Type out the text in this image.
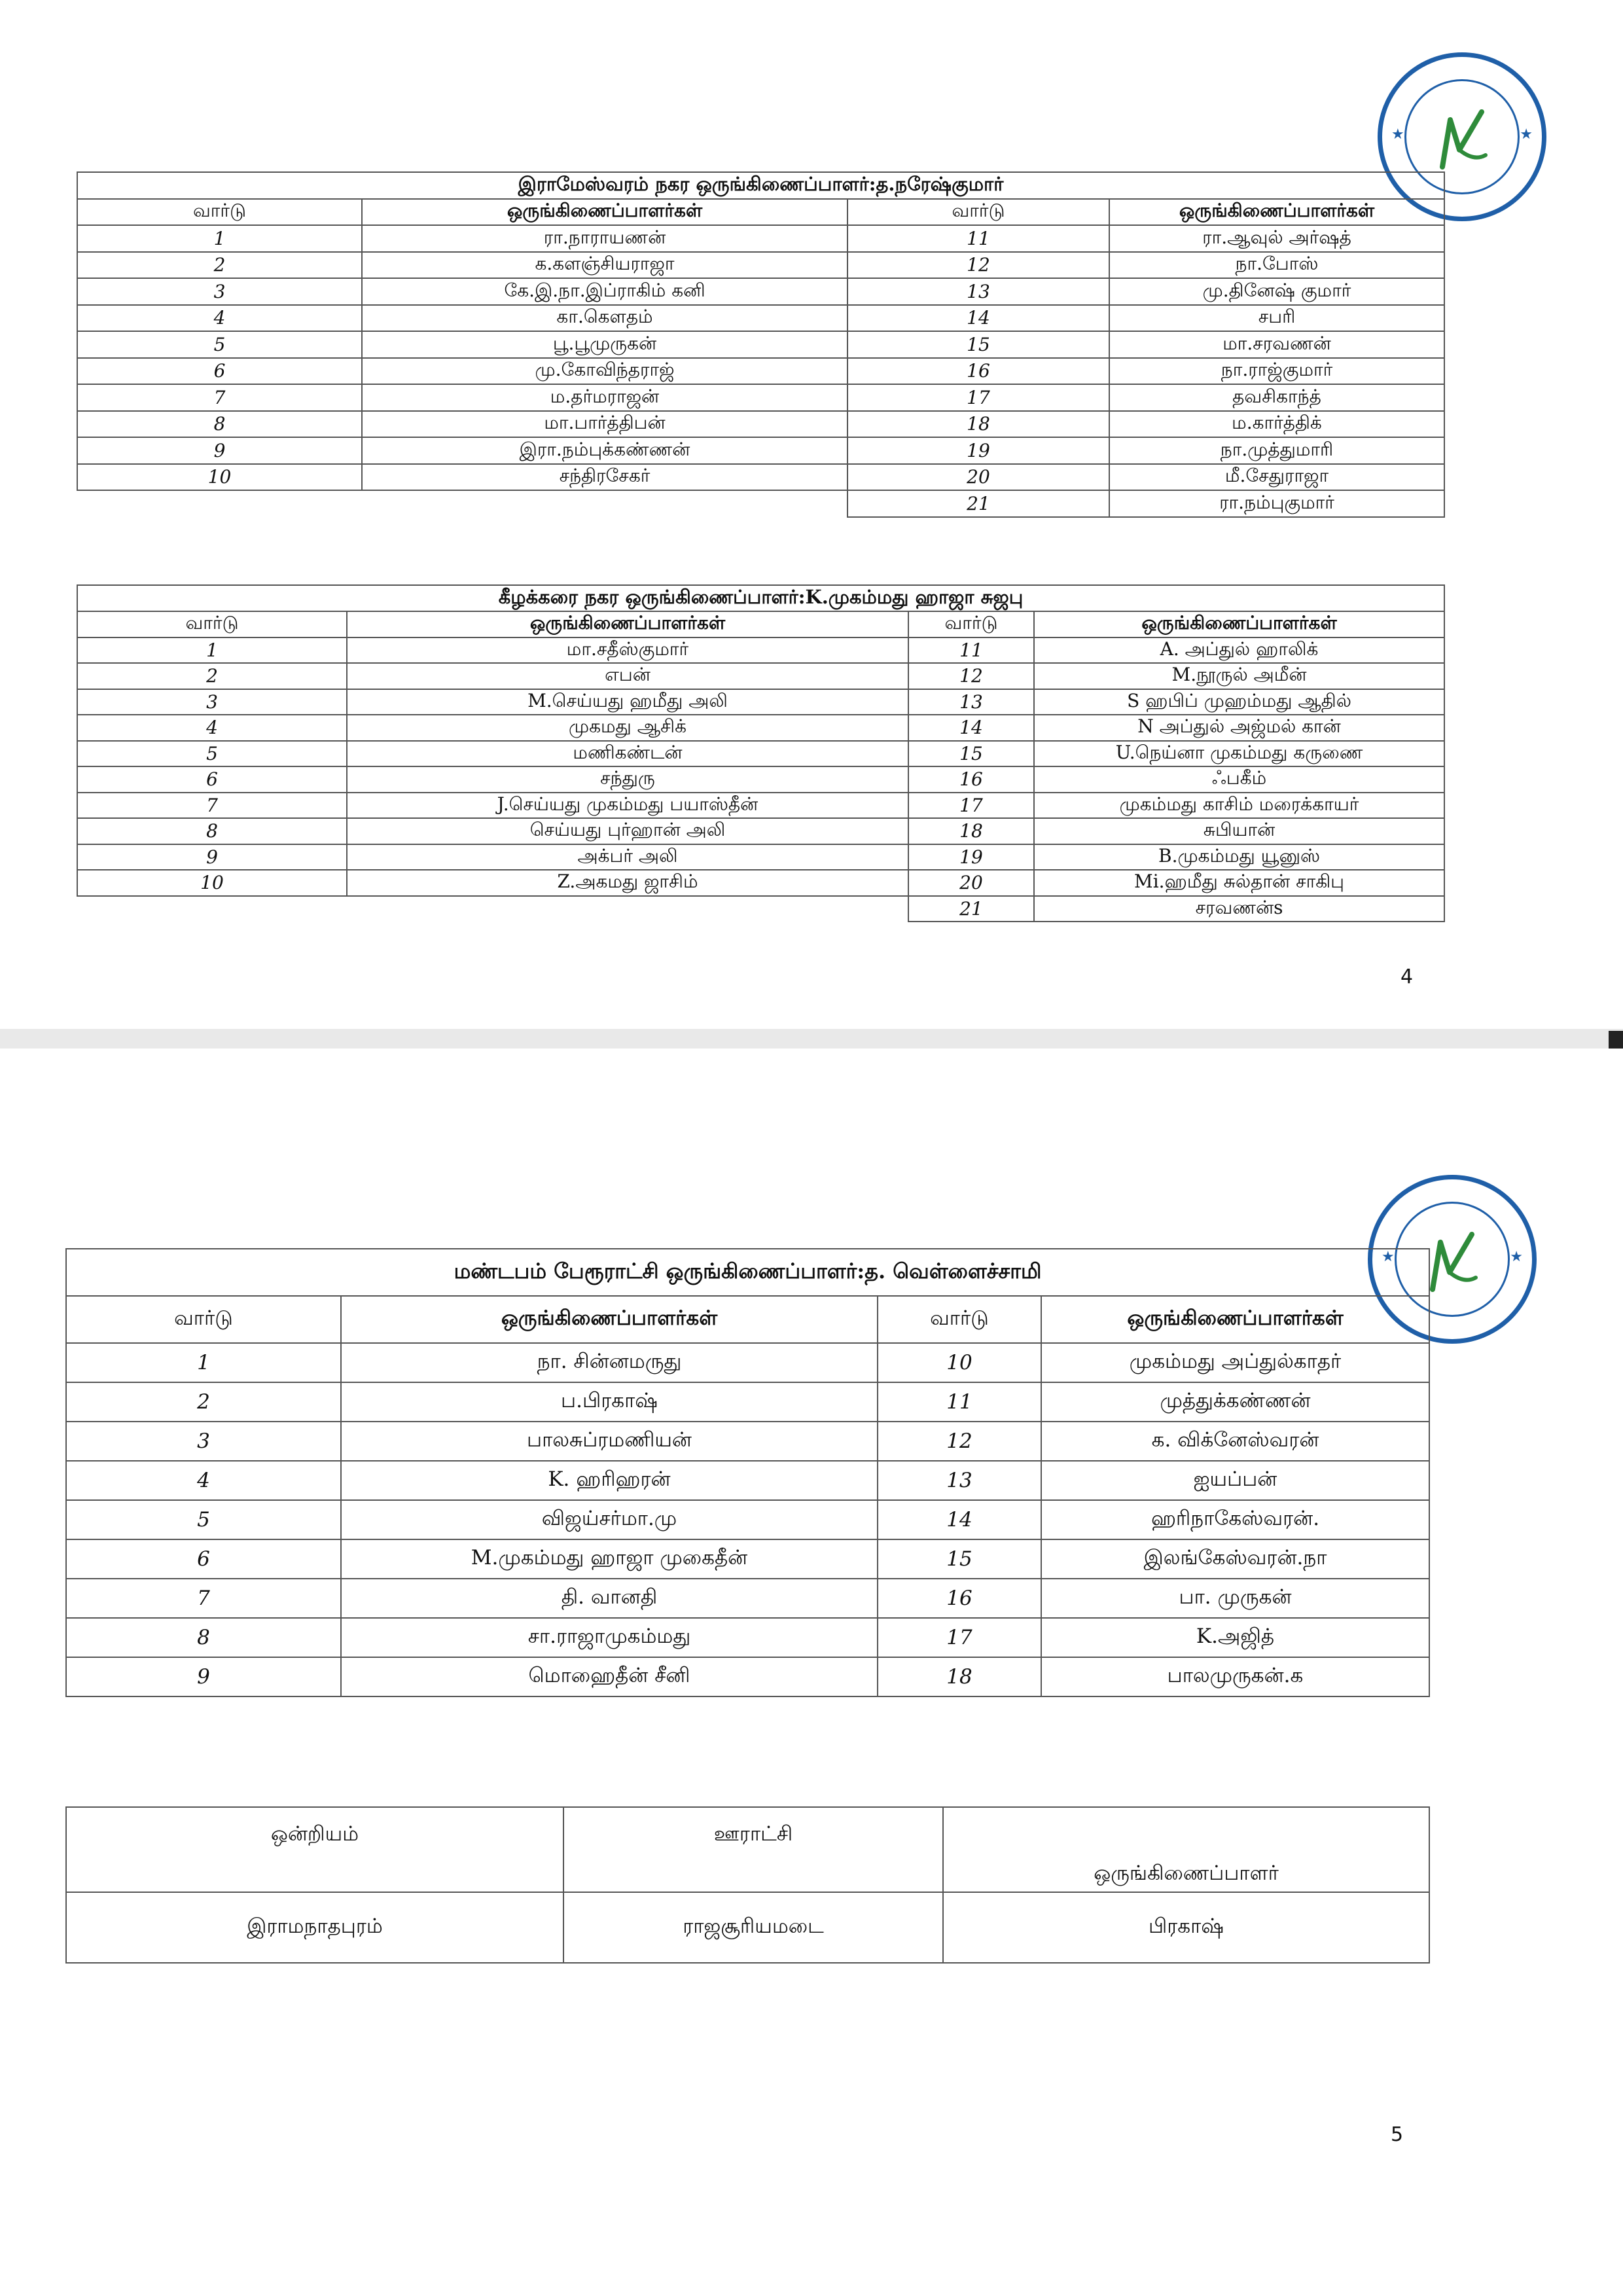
★	★
இராமேஸ்வரம் நகர ஒருங்கிணைப்பாளர்:த.நரேஷ்குமார்			
வார்டு	ஒருங்கிணைப்பாளர்கள்	வார்டு	ஒருங்கிணைப்பாளர்கள்
1	ரா.நாராயணன்	11	ரா.ஆவுல் அர்ஷத்
2	க.களஞ்சியராஜா	12	நா.போஸ்
3	கே.இ.நா.இப்ராகிம் கனி	13	மு.தினேஷ் குமார்
4	கா.கௌதம்	14	சபரி
5	பூ.பூமுருகன்	15	மா.சரவணன்
6	மு.கோவிந்தராஜ்	16	நா.ராஜ்குமார்
7	ம.தர்மராஜன்	17	தவசிகாந்த்
8	மா.பார்த்திபன்	18	ம.கார்த்திக்
9	இரா.நம்புக்கண்ணன்	19	நா.முத்துமாரி
10	சந்திரசேகர்	20	மீ.சேதுராஜா
		21	ரா.நம்புகுமார்
கீழக்கரை நகர ஒருங்கிணைப்பாளர்:K.முகம்மது ஹாஜா சுஜபு			
வார்டு	ஒருங்கிணைப்பாளர்கள்	வார்டு	ஒருங்கிணைப்பாளர்கள்
1	மா.சதீஸ்குமார்	11	A. அப்துல் ஹாலிக்
2	எபன்	12	M.நூருல் அமீன்
3	M.செய்யது ஹமீது அலி	13	S ஹபிப் முஹம்மது ஆதில்
4	முகமது ஆசிக்	14	N அப்துல் அஜ்மல் கான்
5	மணிகண்டன்	15	U.நெய்னா முகம்மது கருணை
6	சந்துரு	16	ஃபகீம்
7	J.செய்யது முகம்மது பயாஸ்தீன்	17	முகம்மது காசிம் மரைக்காயர்
8	செய்யது புர்ஹான் அலி	18	சுபியான்
9	அக்பர் அலி	19	B.முகம்மது யூனுஸ்
10	Z.அகமது ஜாசிம்	20	Mi.ஹமீது சுல்தான் சாகிபு
		21	சரவணன்s
4
★	★
மண்டபம் பேரூராட்சி ஒருங்கிணைப்பாளர்:த. வெள்ளைச்சாமி			
வார்டு	ஒருங்கிணைப்பாளர்கள்	வார்டு	ஒருங்கிணைப்பாளர்கள்
1	நா. சின்னமருது	10	முகம்மது அப்துல்காதர்
2	ப.பிரகாஷ்	11	முத்துக்கண்ணன்
3	பாலசுப்ரமணியன்	12	க. விக்னேஸ்வரன்
4	K. ஹரிஹரன்	13	ஐயப்பன்
5	விஜய்சர்மா.மு	14	ஹரிநாகேஸ்வரன்.
6	M.முகம்மது ஹாஜா முகைதீன்	15	இலங்கேஸ்வரன்.நா
7	தி. வானதி	16	பா. முருகன்
8	சா.ராஜாமுகம்மது	17	K.அஜித்
9	மொஹைதீன் சீனி	18	பாலமுருகன்.க
ஒன்றியம்	ஊராட்சி	ஒருங்கிணைப்பாளர்
இராமநாதபுரம்	ராஜசூரியமடை	பிரகாஷ்
5
